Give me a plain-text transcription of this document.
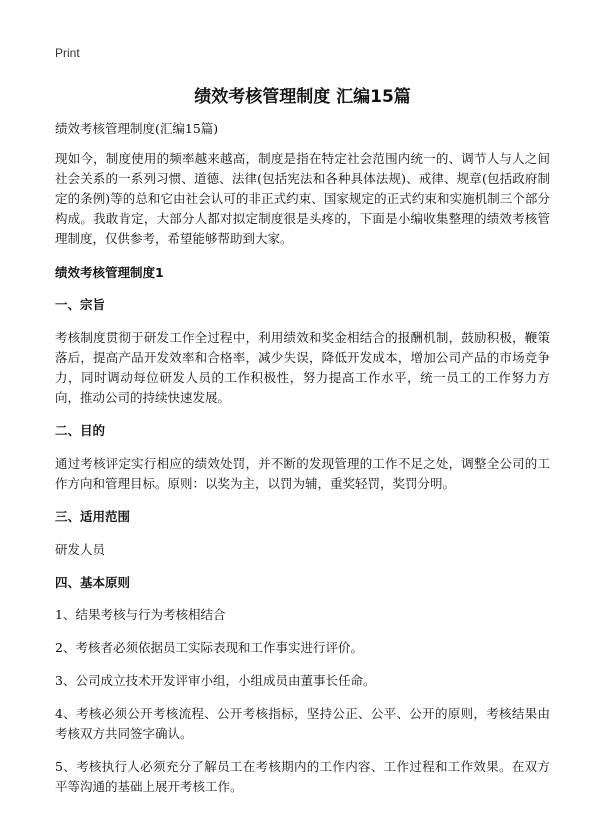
Print
绩效考核管理制度 汇编15篇

绩效考核管理制度(汇编15篇)

现如今，制度使用的频率越来越高，制度是指在特定社会范围内统一的、调节人与人之间社会关系的一系列习惯、道德、法律(包括宪法和各种具体法规)、戒律、规章(包括政府制定的条例)等的总和它由社会认可的非正式约束、国家规定的正式约束和实施机制三个部分构成。我敢肯定，大部分人都对拟定制度很是头疼的，下面是小编收集整理的绩效考核管理制度，仅供参考，希望能够帮助到大家。

绩效考核管理制度1

一、宗旨

考核制度贯彻于研发工作全过程中，利用绩效和奖金相结合的报酬机制，鼓励积极，鞭策落后，提高产品开发效率和合格率，减少失误，降低开发成本，增加公司产品的市场竞争力，同时调动每位研发人员的工作积极性，努力提高工作水平，统一员工的工作努力方向，推动公司的持续快速发展。

二、目的

通过考核评定实行相应的绩效处罚，并不断的发现管理的工作不足之处，调整全公司的工作方向和管理目标。原则：以奖为主，以罚为辅，重奖轻罚，奖罚分明。

三、适用范围

研发人员

四、基本原则

1、结果考核与行为考核相结合

2、考核者必须依据员工实际表现和工作事实进行评价。

3、公司成立技术开发评审小组，小组成员由董事长任命。

4、考核必须公开考核流程、公开考核指标，坚持公正、公平、公开的原则，考核结果由考核双方共同签字确认。

5、考核执行人必须充分了解员工在考核期内的工作内容、工作过程和工作效果。在双方平等沟通的基础上展开考核工作。
